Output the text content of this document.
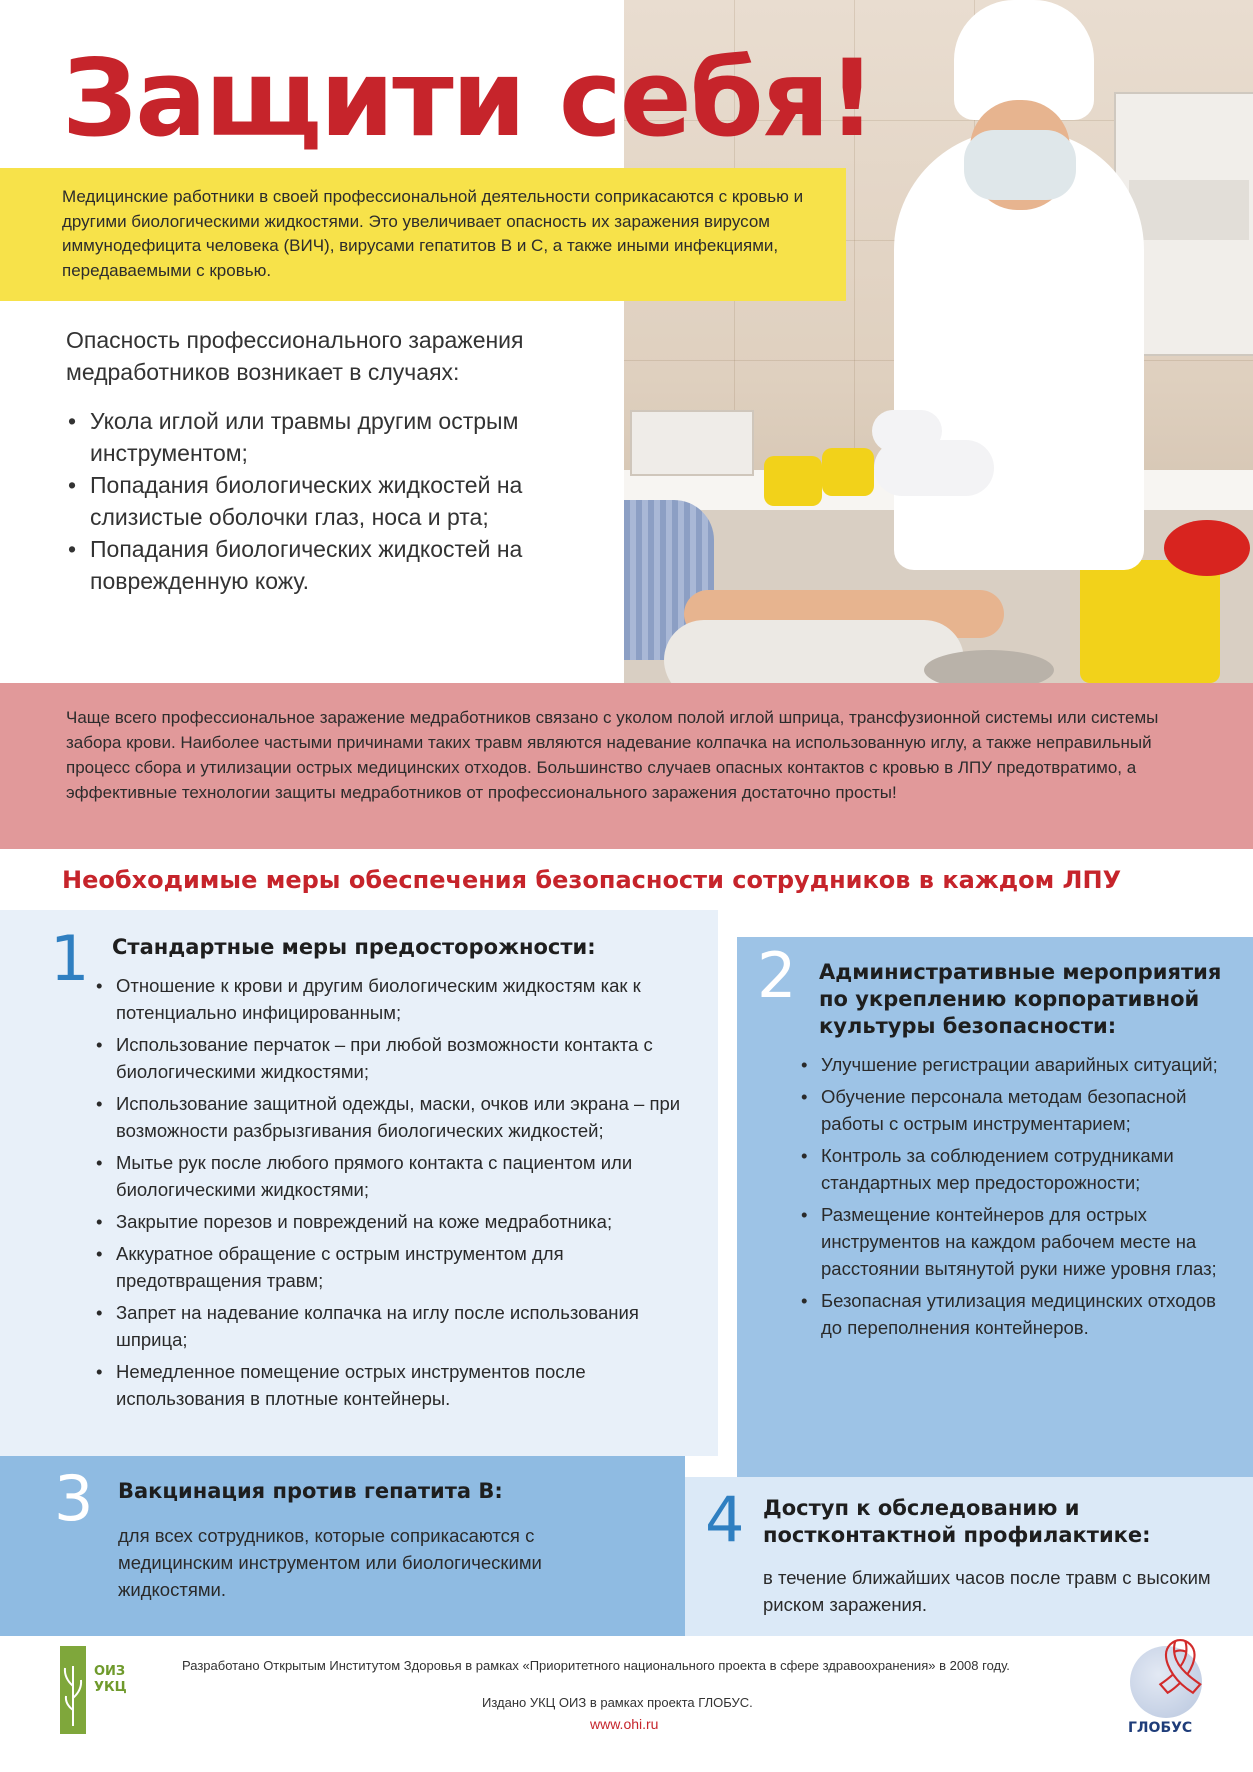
Защити себя!
Медицинские работники в своей профессиональной деятельности соприкасаются с кровью и другими биологическими жидкостями. Это увеличивает опасность их заражения вирусом иммунодефицита человека (ВИЧ), вирусами гепатитов В и С, а также иными инфекциями, передаваемыми с кровью.
Опасность профессионального заражения медработников возникает в случаях:
• Укола иглой или травмы другим острым инструментом;
• Попадания биологических жидкостей на слизистые оболочки глаз, носа и рта;
• Попадания биологических жидкостей на поврежденную кожу.
Чаще всего профессиональное заражение медработников связано с уколом полой иглой шприца, трансфузионной системы или системы забора крови. Наиболее частыми причинами таких травм являются надевание колпачка на использованную иглу, а также неправильный процесс сбора и утилизации острых медицинских отходов. Большинство случаев опасных контактов с кровью в ЛПУ предотвратимо, а эффективные технологии защиты медработников от профессионального заражения достаточно просты!
Необходимые меры обеспечения безопасности сотрудников в каждом ЛПУ
1 Стандартные меры предосторожности:
• Отношение к крови и другим биологическим жидкостям как к потенциально инфицированным;
• Использование перчаток – при любой возможности контакта с биологическими жидкостями;
• Использование защитной одежды, маски, очков или экрана – при возможности разбрызгивания биологических жидкостей;
• Мытье рук после любого прямого контакта с пациентом или биологическими жидкостями;
• Закрытие порезов и повреждений на коже медработника;
• Аккуратное обращение с острым инструментом для предотвращения травм;
• Запрет на надевание колпачка на иглу после использования шприца;
• Немедленное помещение острых инструментов после использования в плотные контейнеры.
2 Административные мероприятия по укреплению корпоративной культуры безопасности:
• Улучшение регистрации аварийных ситуаций;
• Обучение персонала методам безопасной работы с острым инструментарием;
• Контроль за соблюдением сотрудниками стандартных мер предосторожности;
• Размещение контейнеров для острых инструментов на каждом рабочем месте на расстоянии вытянутой руки ниже уровня глаз;
• Безопасная утилизация медицинских отходов до переполнения контейнеров.
3 Вакцинация против гепатита В:
для всех сотрудников, которые соприкасаются с медицинским инструментом или биологическими жидкостями.
4 Доступ к обследованию и постконтактной профилактике:
в течение ближайших часов после травм с высоким риском заражения.
ОИЗ
УКЦ
Разработано Открытым Институтом Здоровья в рамках «Приоритетного национального проекта в сфере здравоохранения» в 2008 году.
Издано УКЦ ОИЗ в рамках проекта ГЛОБУС.
www.ohi.ru
🎗
ГЛОБУС
